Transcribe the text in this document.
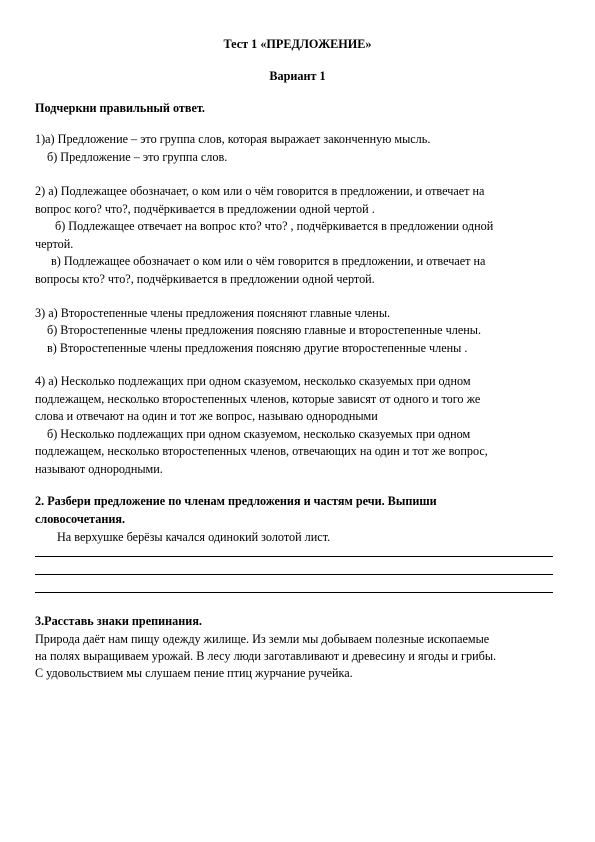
Тест 1 «ПРЕДЛОЖЕНИЕ»
Вариант 1
Подчеркни правильный ответ.
1)а) Предложение – это группа слов, которая выражает законченную мысль.
б) Предложение – это группа слов.
2) а) Подлежащее обозначает, о ком или о чём говорится в предложении, и отвечает на
вопрос кого? что?, подчёркивается в предложении одной чертой .
б) Подлежащее отвечает на вопрос кто? что? , подчёркивается в предложении одной
чертой.
в) Подлежащее обозначает о ком или о чём говорится в предложении, и отвечает на
вопросы кто? что?, подчёркивается в предложении одной чертой.
3) а) Второстепенные члены предложения поясняют главные члены.
б) Второстепенные члены предложения поясняю главные и второстепенные члены.
в) Второстепенные члены предложения поясняю другие второстепенные члены .
4) а) Несколько подлежащих при одном сказуемом, несколько сказуемых при одном
подлежащем, несколько второстепенных членов, которые зависят от одного и того же
слова и отвечают на один и тот же вопрос, называю однородными
б) Несколько подлежащих при одном сказуемом, несколько сказуемых при одном
подлежащем, несколько второстепенных членов, отвечающих на один и тот же вопрос,
называют однородными.
2. Разбери предложение по членам предложения и частям речи. Выпиши
словосочетания.
На верхушке берёзы качался одинокий золотой лист.
3.Расставь знаки препинания.
Природа даёт нам пищу одежду жилище. Из земли мы добываем полезные ископаемые
на полях выращиваем урожай. В лесу люди заготавливают и древесину и ягоды и грибы.
С удовольствием мы слушаем пение птиц журчание ручейка.
